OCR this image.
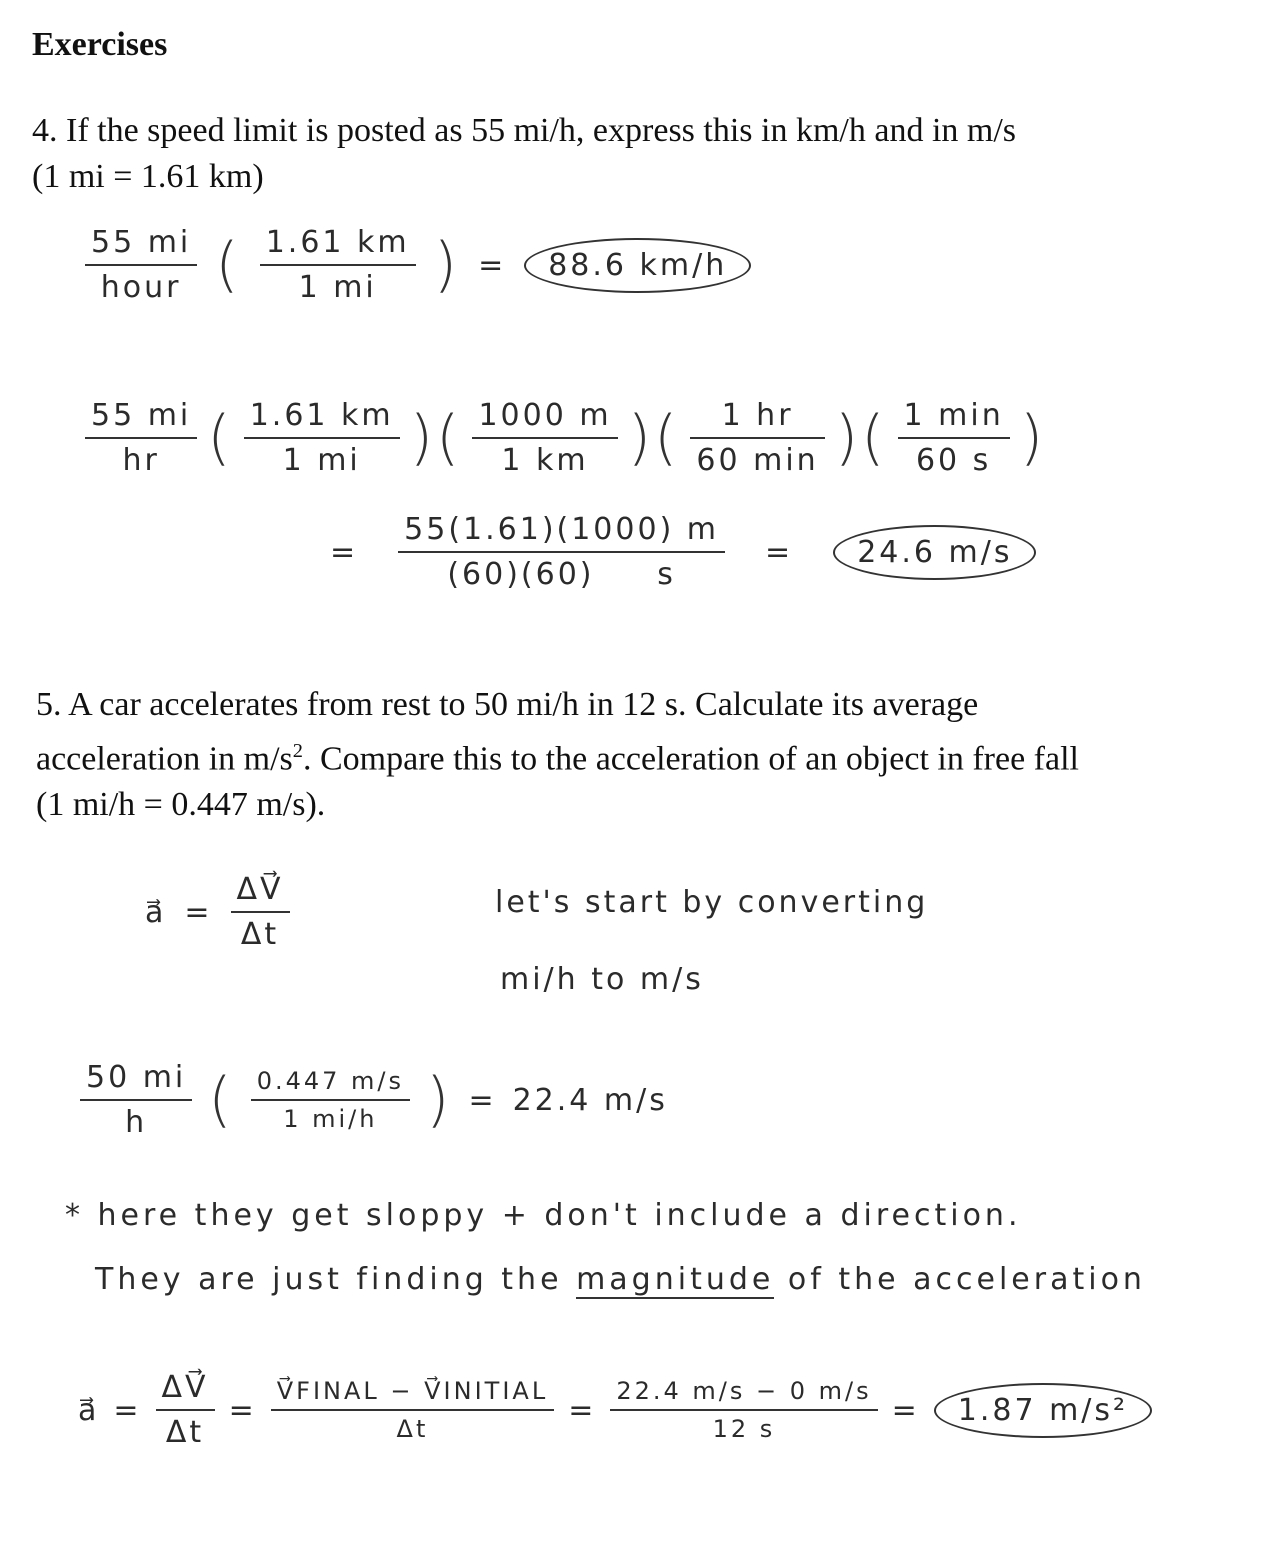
Exercises
4. If the speed limit is posted as 55 mi/h, express this in km/h and in m/s (1 mi = 1.61 km)
$\frac{55 mi}{\text{hour}}$ ( $\frac{1.61 km}{1 mi}$ ) =	88.6 km/h
$\frac{55 mi}{hr}$ ( $\frac{1.61 km}{1 mi}$ )( $\frac{1000 m}{1 km}$ )( $\frac{1 hr}{60 \min}$ )( $\frac{1 \min}{60 s}$ )
= $\frac{55(1.61)(1000) m}{(60)(60) s}$ =	24.6 m/s
5. A car accelerates from rest to 50 mi/h in 12 s. Calculate its average acceleration in $m/s^2$. Compare this to the acceleration of an object in free fall (1 mi/h = 0.447 m/s).
a⃗ = $\frac{\Delta V⃗}{\Delta t}$	let's start by converting
mi/h to m/s
$\frac{50 mi}{h}$ ( $\frac{0.447 m/s}{1 mi/h}$ ) = 22.4 m/s
* here they get sloppy + don't include a direction.
They are just finding the magnitude of the acceleration
a⃗ = $\frac{\Delta V⃗}{\Delta t} = \frac{\text{V⃗FINAL − V⃗INITIAL}}{\Delta t} = \frac{22.4 m/s - 0 m/s}{12 s}$ =	1.87 m/s²
